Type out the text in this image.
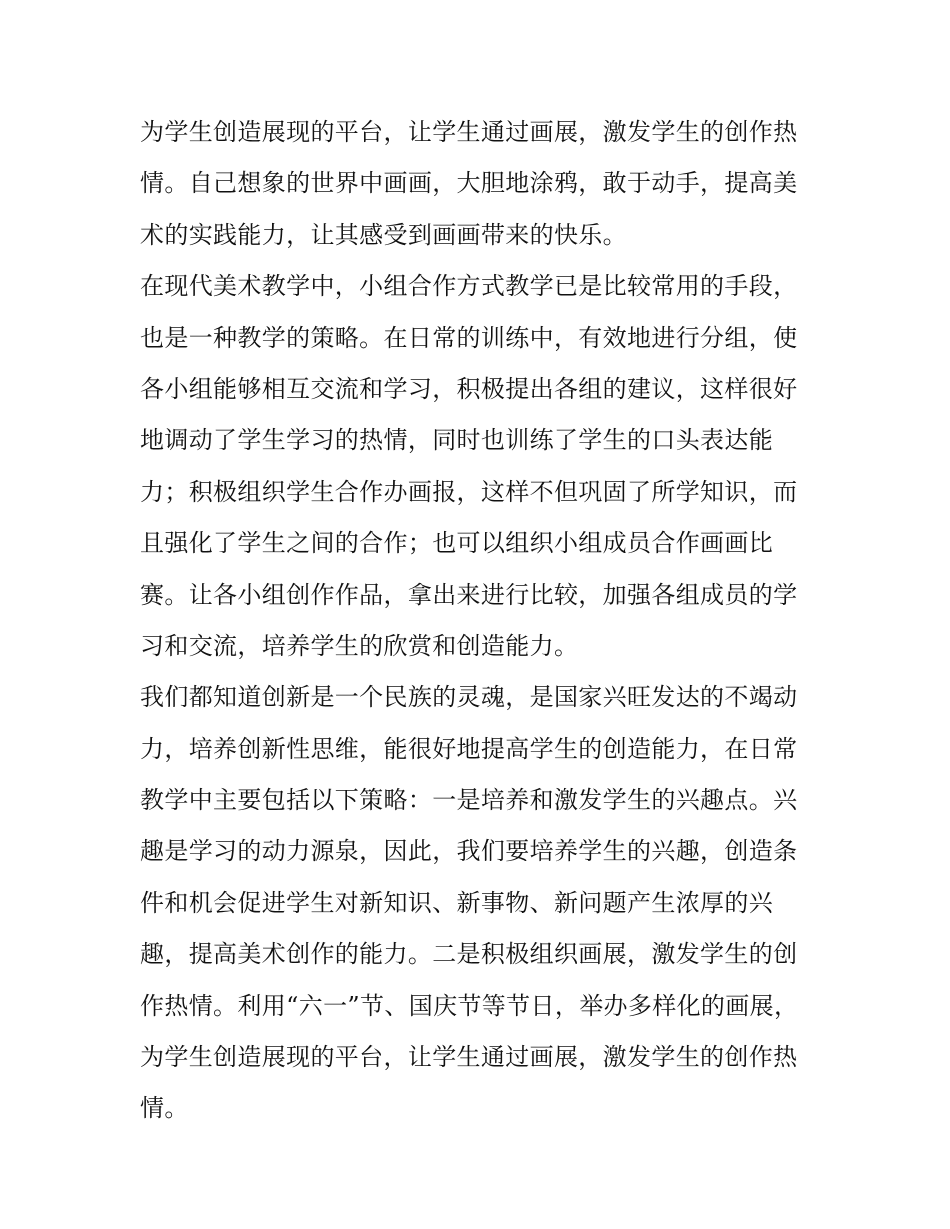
为学生创造展现的平台，让学生通过画展，激发学生的创作热
情。自己想象的世界中画画，大胆地涂鸦，敢于动手，提高美
术的实践能力，让其感受到画画带来的快乐。
在现代美术教学中，小组合作方式教学已是比较常用的手段，
也是一种教学的策略。在日常的训练中，有效地进行分组，使
各小组能够相互交流和学习，积极提出各组的建议，这样很好
地调动了学生学习的热情，同时也训练了学生的口头表达能
力；积极组织学生合作办画报，这样不但巩固了所学知识，而
且强化了学生之间的合作；也可以组织小组成员合作画画比
赛。让各小组创作作品，拿出来进行比较，加强各组成员的学
习和交流，培养学生的欣赏和创造能力。
我们都知道创新是一个民族的灵魂，是国家兴旺发达的不竭动
力，培养创新性思维，能很好地提高学生的创造能力，在日常
教学中主要包括以下策略：一是培养和激发学生的兴趣点。兴
趣是学习的动力源泉，因此，我们要培养学生的兴趣，创造条
件和机会促进学生对新知识、新事物、新问题产生浓厚的兴
趣，提高美术创作的能力。二是积极组织画展，激发学生的创
作热情。利用“六一”节、国庆节等节日，举办多样化的画展，
为学生创造展现的平台，让学生通过画展，激发学生的创作热
情。
